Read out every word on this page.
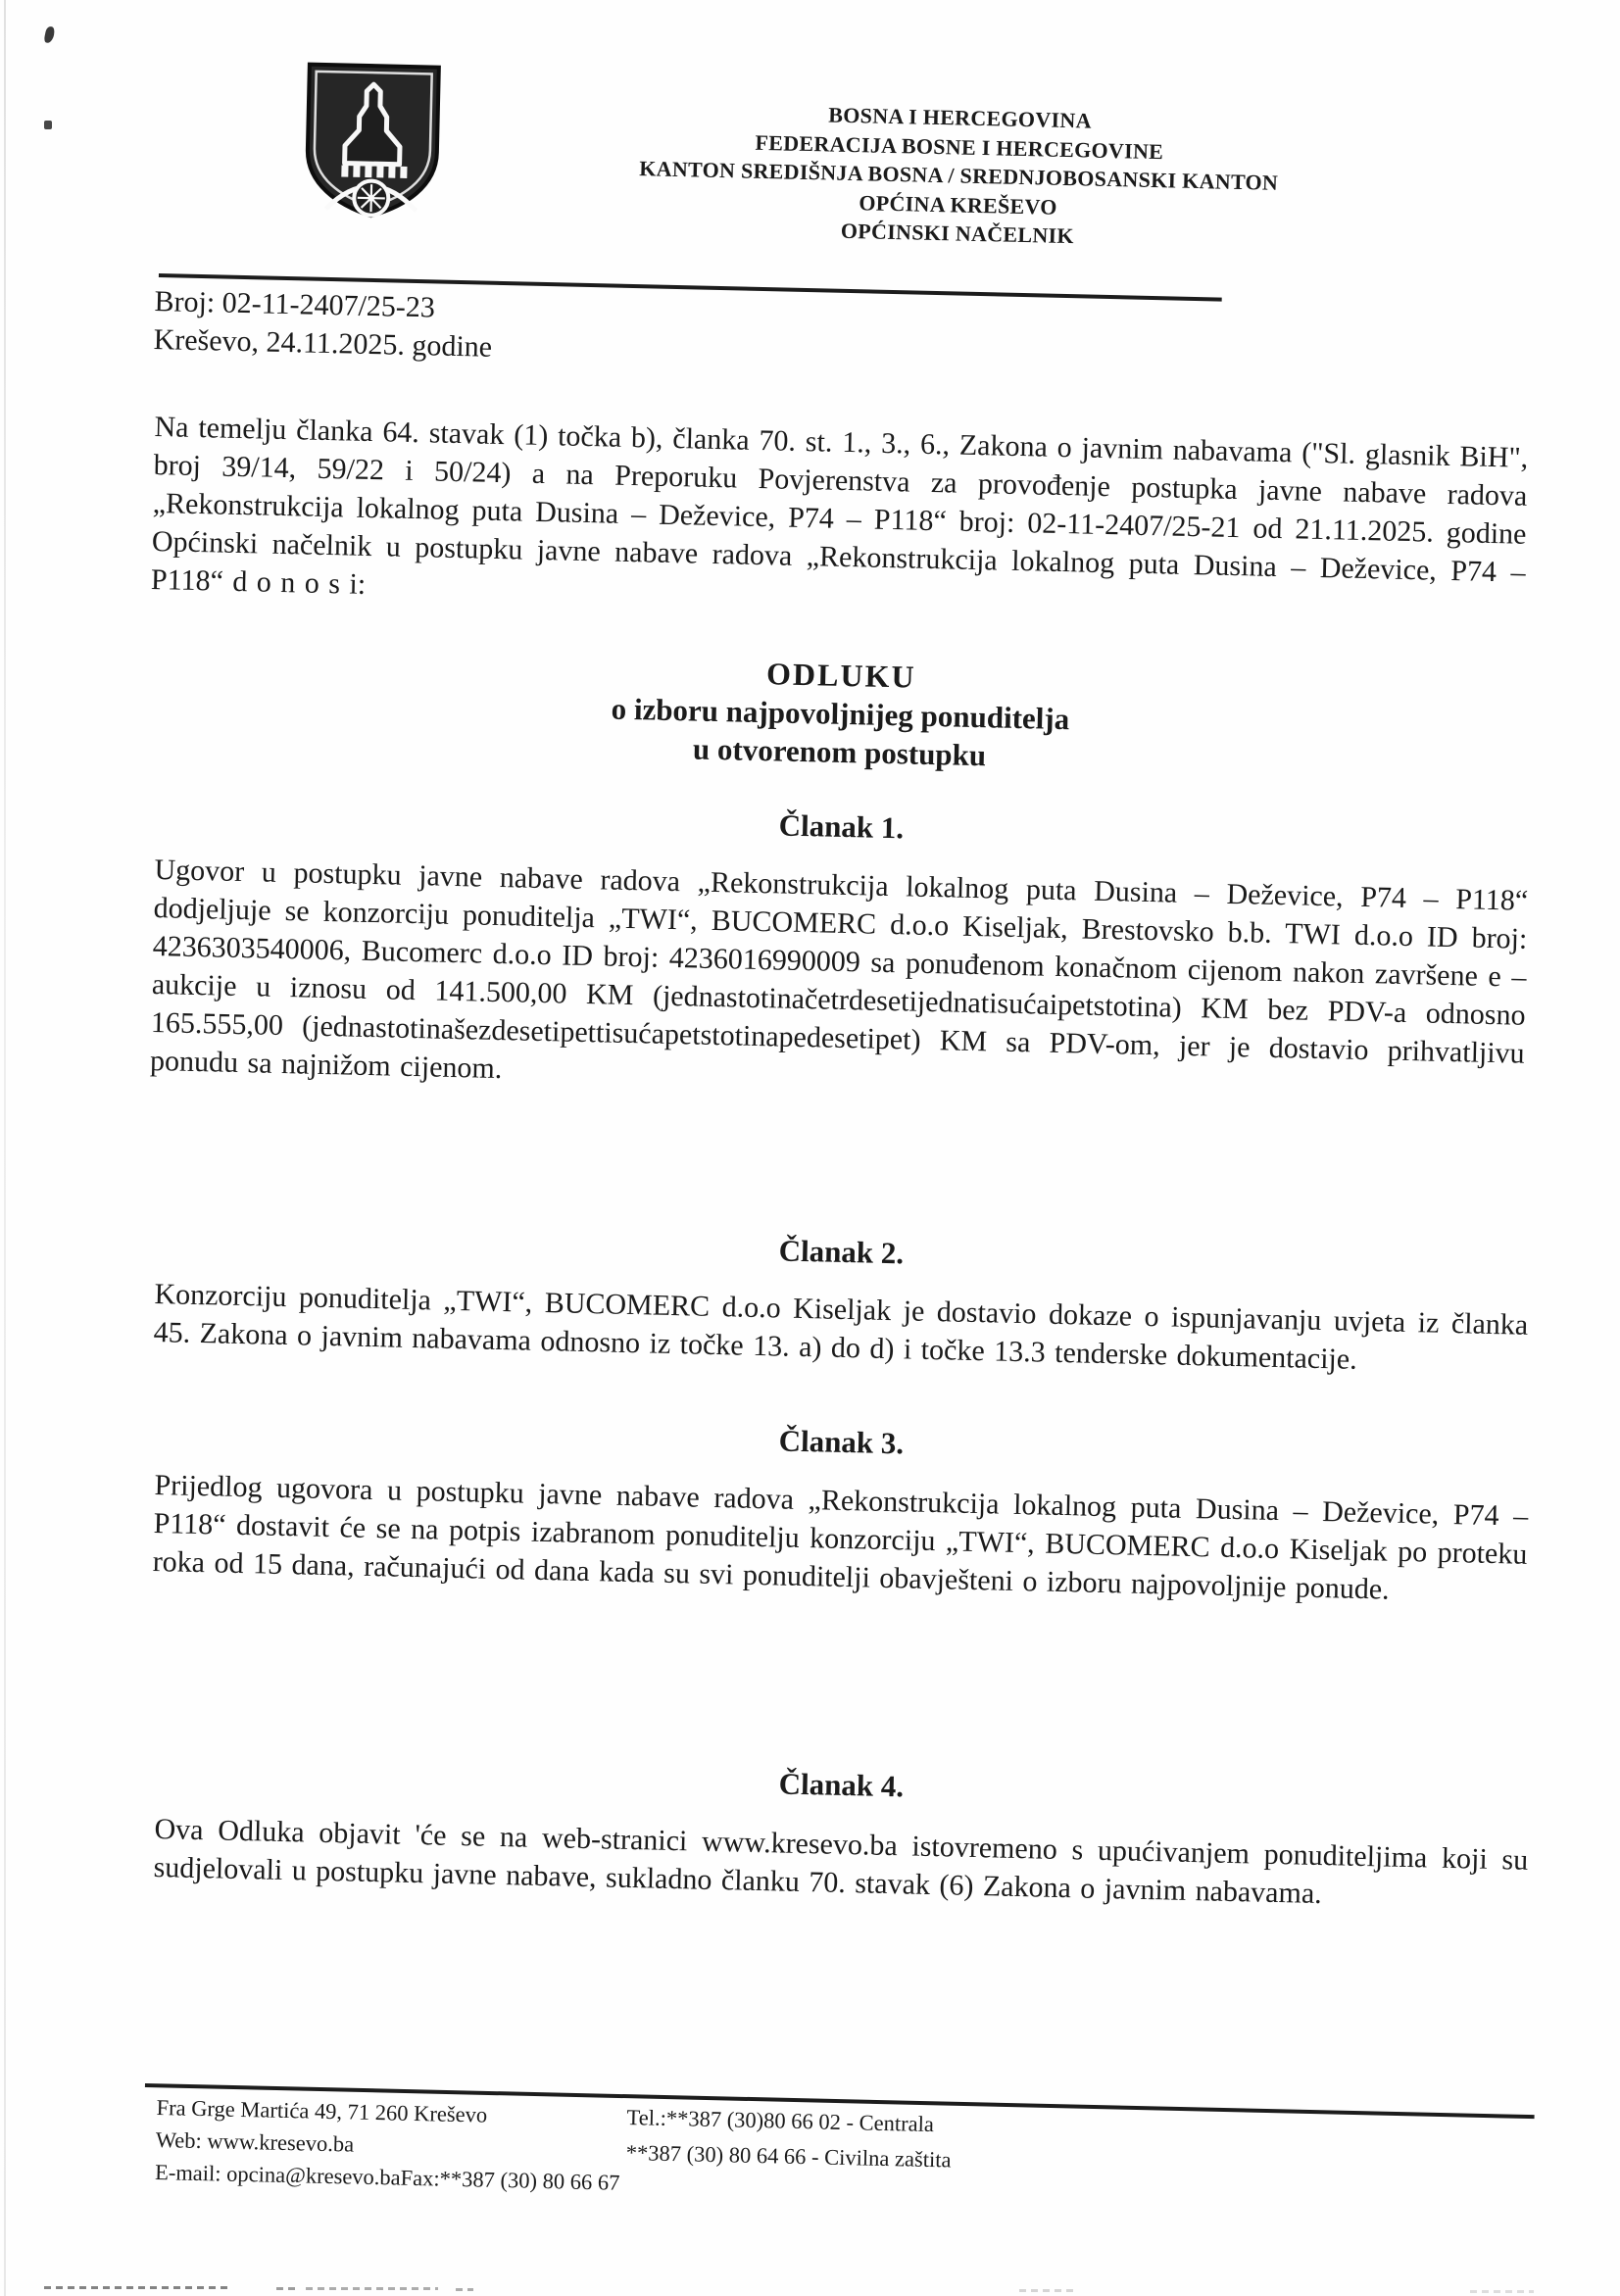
BOSNA I HERCEGOVINA
FEDERACIJA BOSNE I HERCEGOVINE
KANTON SREDIŠNJA BOSNA / SREDNJOBOSANSKI KANTON
OPĆINA KREŠEVO
OPĆINSKI NAČELNIK
Broj: 02-11-2407/25-23
Kreševo, 24.11.2025. godine
Na temelju članka 64. stavak (1) točka b), članka 70. st. 1., 3., 6., Zakona o javnim nabavama ("Sl. glasnik BiH", broj 39/14, 59/22 i 50/24) a na Preporuku Povjerenstva za provođenje postupka javne nabave radova „Rekonstrukcija lokalnog puta Dusina – Deževice, P74 – P118“ broj: 02-11-2407/25-21 od 21.11.2025. godine Općinski načelnik u postupku javne nabave radova „Rekonstrukcija lokalnog puta Dusina – Deževice, P74 – P118“ d o n o s i:
ODLUKU
o izboru najpovoljnijeg ponuditelja
u otvorenom postupku
Članak 1.
Ugovor u postupku javne nabave radova „Rekonstrukcija lokalnog puta Dusina – Deževice, P74 – P118“ dodjeljuje se konzorciju ponuditelja „TWI“, BUCOMERC d.o.o Kiseljak, Brestovsko b.b. TWI d.o.o ID broj: 4236303540006, Bucomerc d.o.o ID broj: 4236016990009 sa ponuđenom konačnom cijenom nakon završene e – aukcije u iznosu od 141.500,00 KM (jednastotinačetrdesetijednatisućaipetstotina) KM bez PDV-a odnosno 165.555,00 (jednastotinašezdesetipettisućapetstotinapedesetipet) KM sa PDV-om, jer je dostavio prihvatljivu ponudu sa najnižom cijenom.
Članak 2.
Konzorciju ponuditelja „TWI“, BUCOMERC d.o.o Kiseljak je dostavio dokaze o ispunjavanju uvjeta iz članka 45. Zakona o javnim nabavama odnosno iz točke 13. a) do d) i točke 13.3 tenderske dokumentacije.
Članak 3.
Prijedlog ugovora u postupku javne nabave radova „Rekonstrukcija lokalnog puta Dusina – Deževice, P74 – P118“ dostavit će se na potpis izabranom ponuditelju konzorciju „TWI“, BUCOMERC d.o.o Kiseljak po proteku roka od 15 dana, računajući od dana kada su svi ponuditelji obavješteni o izboru najpovoljnije ponude.
Članak 4.
Ova Odluka objavit 'će se na web-stranici www.kresevo.ba istovremeno s upućivanjem ponuditeljima koji su sudjelovali u postupku javne nabave, sukladno članku 70. stavak (6) Zakona o javnim nabavama.
Fra Grge Martića 49, 71 260 Kreševo
Web: www.kresevo.ba
E-mail: opcina@kresevo.baFax:**387 (30) 80 66 67
Tel.:**387 (30)80 66 02 - Centrala
**387 (30) 80 64 66 - Civilna zaštita
